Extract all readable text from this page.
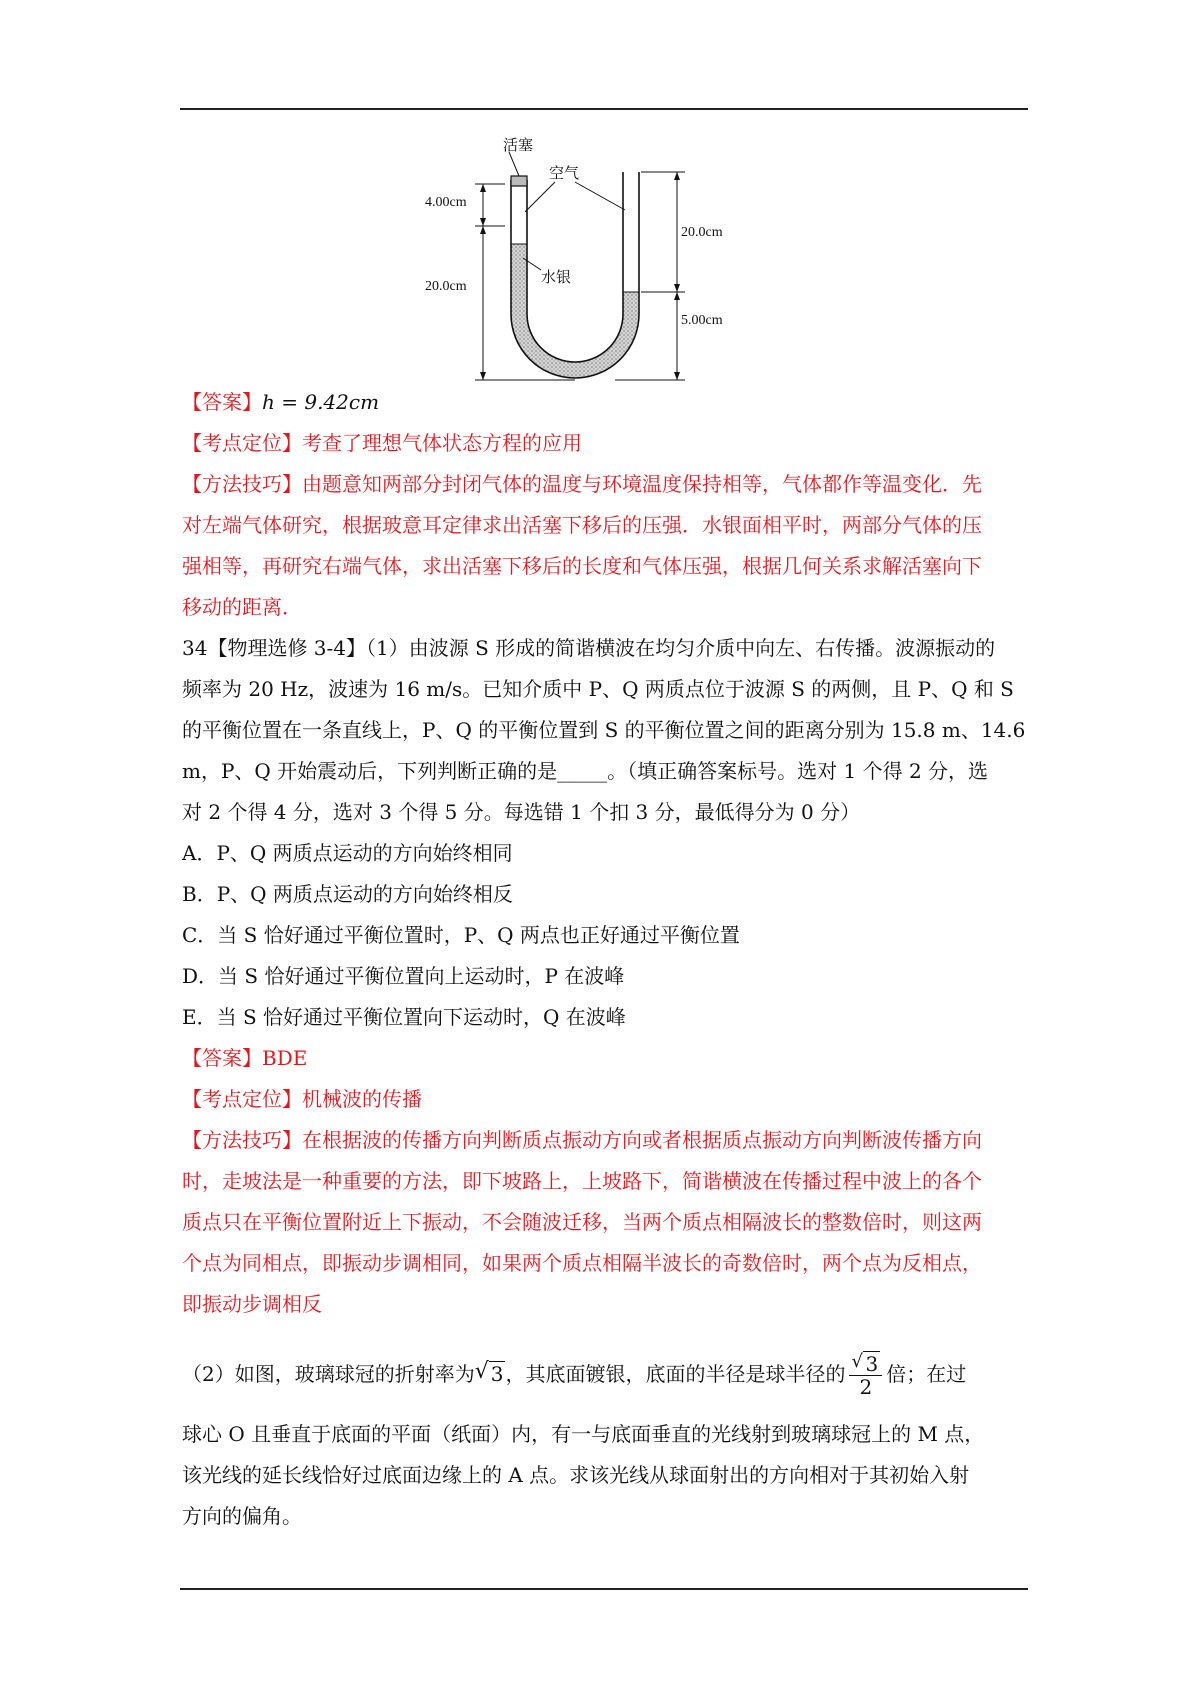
活塞
空气
水银
4.00cm
20.0cm
20.0cm
5.00cm
【答案】h = 9.42cm
【考点定位】考查了理想气体状态方程的应用
【方法技巧】由题意知两部分封闭气体的温度与环境温度保持相等，气体都作等温变化．先
对左端气体研究，根据玻意耳定律求出活塞下移后的压强．水银面相平时，两部分气体的压
强相等，再研究右端气体，求出活塞下移后的长度和气体压强，根据几何关系求解活塞向下
移动的距离．
34【物理选修 3-4】（1）由波源 S 形成的简谐横波在均匀介质中向左、右传播。波源振动的
频率为 20 Hz，波速为 16 m/s。已知介质中 P、Q 两质点位于波源 S 的两侧，且 P、Q 和 S
的平衡位置在一条直线上，P、Q 的平衡位置到 S 的平衡位置之间的距离分别为 15.8 m、14.6
m，P、Q 开始震动后，下列判断正确的是_____。（填正确答案标号。选对 1 个得 2 分，选
对 2 个得 4 分，选对 3 个得 5 分。每选错 1 个扣 3 分，最低得分为 0 分）
A．P、Q 两质点运动的方向始终相同
B．P、Q 两质点运动的方向始终相反
C．当 S 恰好通过平衡位置时，P、Q 两点也正好通过平衡位置
D．当 S 恰好通过平衡位置向上运动时，P 在波峰
E．当 S 恰好通过平衡位置向下运动时，Q 在波峰
【答案】BDE
【考点定位】机械波的传播
【方法技巧】在根据波的传播方向判断质点振动方向或者根据质点振动方向判断波传播方向
时，走坡法是一种重要的方法，即下坡路上，上坡路下，简谐横波在传播过程中波上的各个
质点只在平衡位置附近上下振动，不会随波迁移，当两个质点相隔波长的整数倍时，则这两
个点为同相点，即振动步调相同，如果两个质点相隔半波长的奇数倍时，两个点为反相点，
即振动步调相反
（2）如图，玻璃球冠的折射率为 √ 3 ，其底面镀银，底面的半径是球半径的 $\frac{√ 3}{2}$ 倍；在过
球心 O 且垂直于底面的平面（纸面）内，有一与底面垂直的光线射到玻璃球冠上的 M 点，
该光线的延长线恰好过底面边缘上的 A 点。求该光线从球面射出的方向相对于其初始入射
方向的偏角。
